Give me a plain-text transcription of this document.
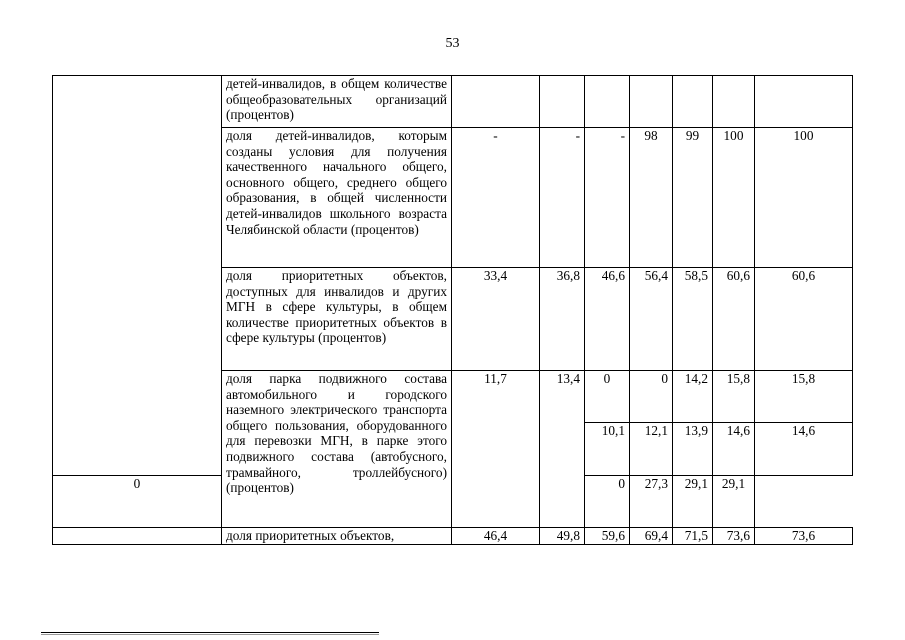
53
	детей-инвалидов, в общем количестве общеобразовательных организаций (процентов)							
	доля детей-инвалидов, которым созданы условия для получения качественного начального общего, основного общего, среднего общего образования, в общей численности детей-инвалидов школьного возраста Челябинской области (процентов)	-	-	-	98	99	100	100
	доля приоритетных объектов, доступных для инвалидов и других МГН в сфере культуры, в общем количестве приоритетных объектов в сфере культуры (процентов)	33,4	36,8	46,6	56,4	58,5	60,6	60,6
	доля парка подвижного состава автомобильного и городского наземного электрического транспорта общего пользования, оборудованного для перевозки МГН, в парке этого подвижного состава (автобусного, трамвайного, троллейбусного) (процентов)	11,7	13,4	0	0	14,2	15,8	15,8
				10,1	12,1	13,9	14,6	14,6
0				0	27,3	29,1	29,1	
	доля приоритетных объектов,	46,4	49,8	59,6	69,4	71,5	73,6	73,6
